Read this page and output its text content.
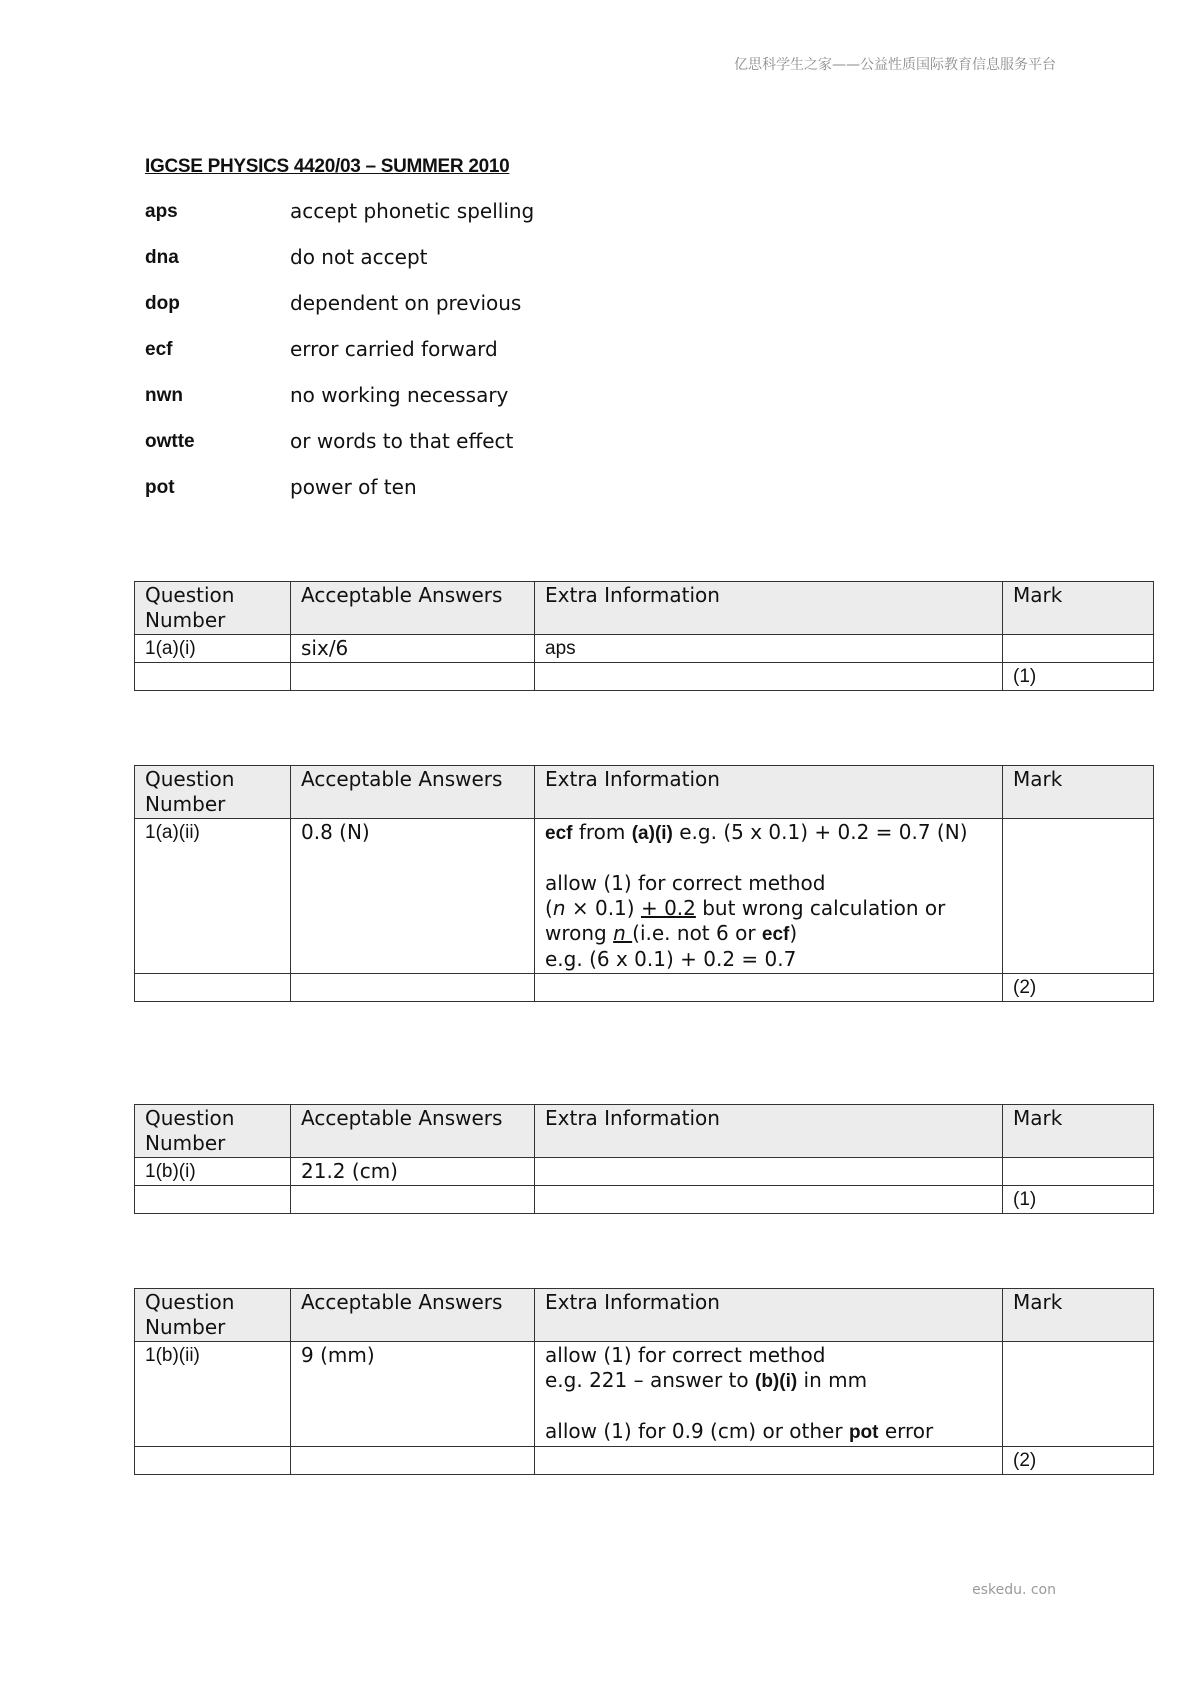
亿思科学生之家——公益性质国际教育信息服务平台
IGCSE PHYSICS 4420/03 – SUMMER 2010
aps	accept phonetic spelling
dna	do not accept
dop	dependent on previous
ecf	error carried forward
nwn	no working necessary
owtte	or words to that effect
pot	power of ten
Question Number	Acceptable Answers	Extra Information	Mark
1(a)(i)	six/6	aps	
			(1)
Question Number	Acceptable Answers	Extra Information	Mark
1(a)(ii)	0.8 (N)	ecf from (a)(i) e.g. (5 x 0.1) + 0.2 = 0.7 (N)
allow (1) for correct method
(n × 0.1) + 0.2 but wrong calculation or wrong n (i.e. not 6 or ecf)
e.g. (6 x 0.1) + 0.2 = 0.7	

			(2)
Question Number	Acceptable Answers	Extra Information	Mark
1(b)(i)	21.2 (cm)		
			(1)
Question Number	Acceptable Answers	Extra Information	Mark
1(b)(ii)	9 (mm)	allow (1) for correct method
e.g. 221 – answer to (b)(i) in mm
allow (1) for 0.9 (cm) or other pot error	

			(2)
eskedu. con
